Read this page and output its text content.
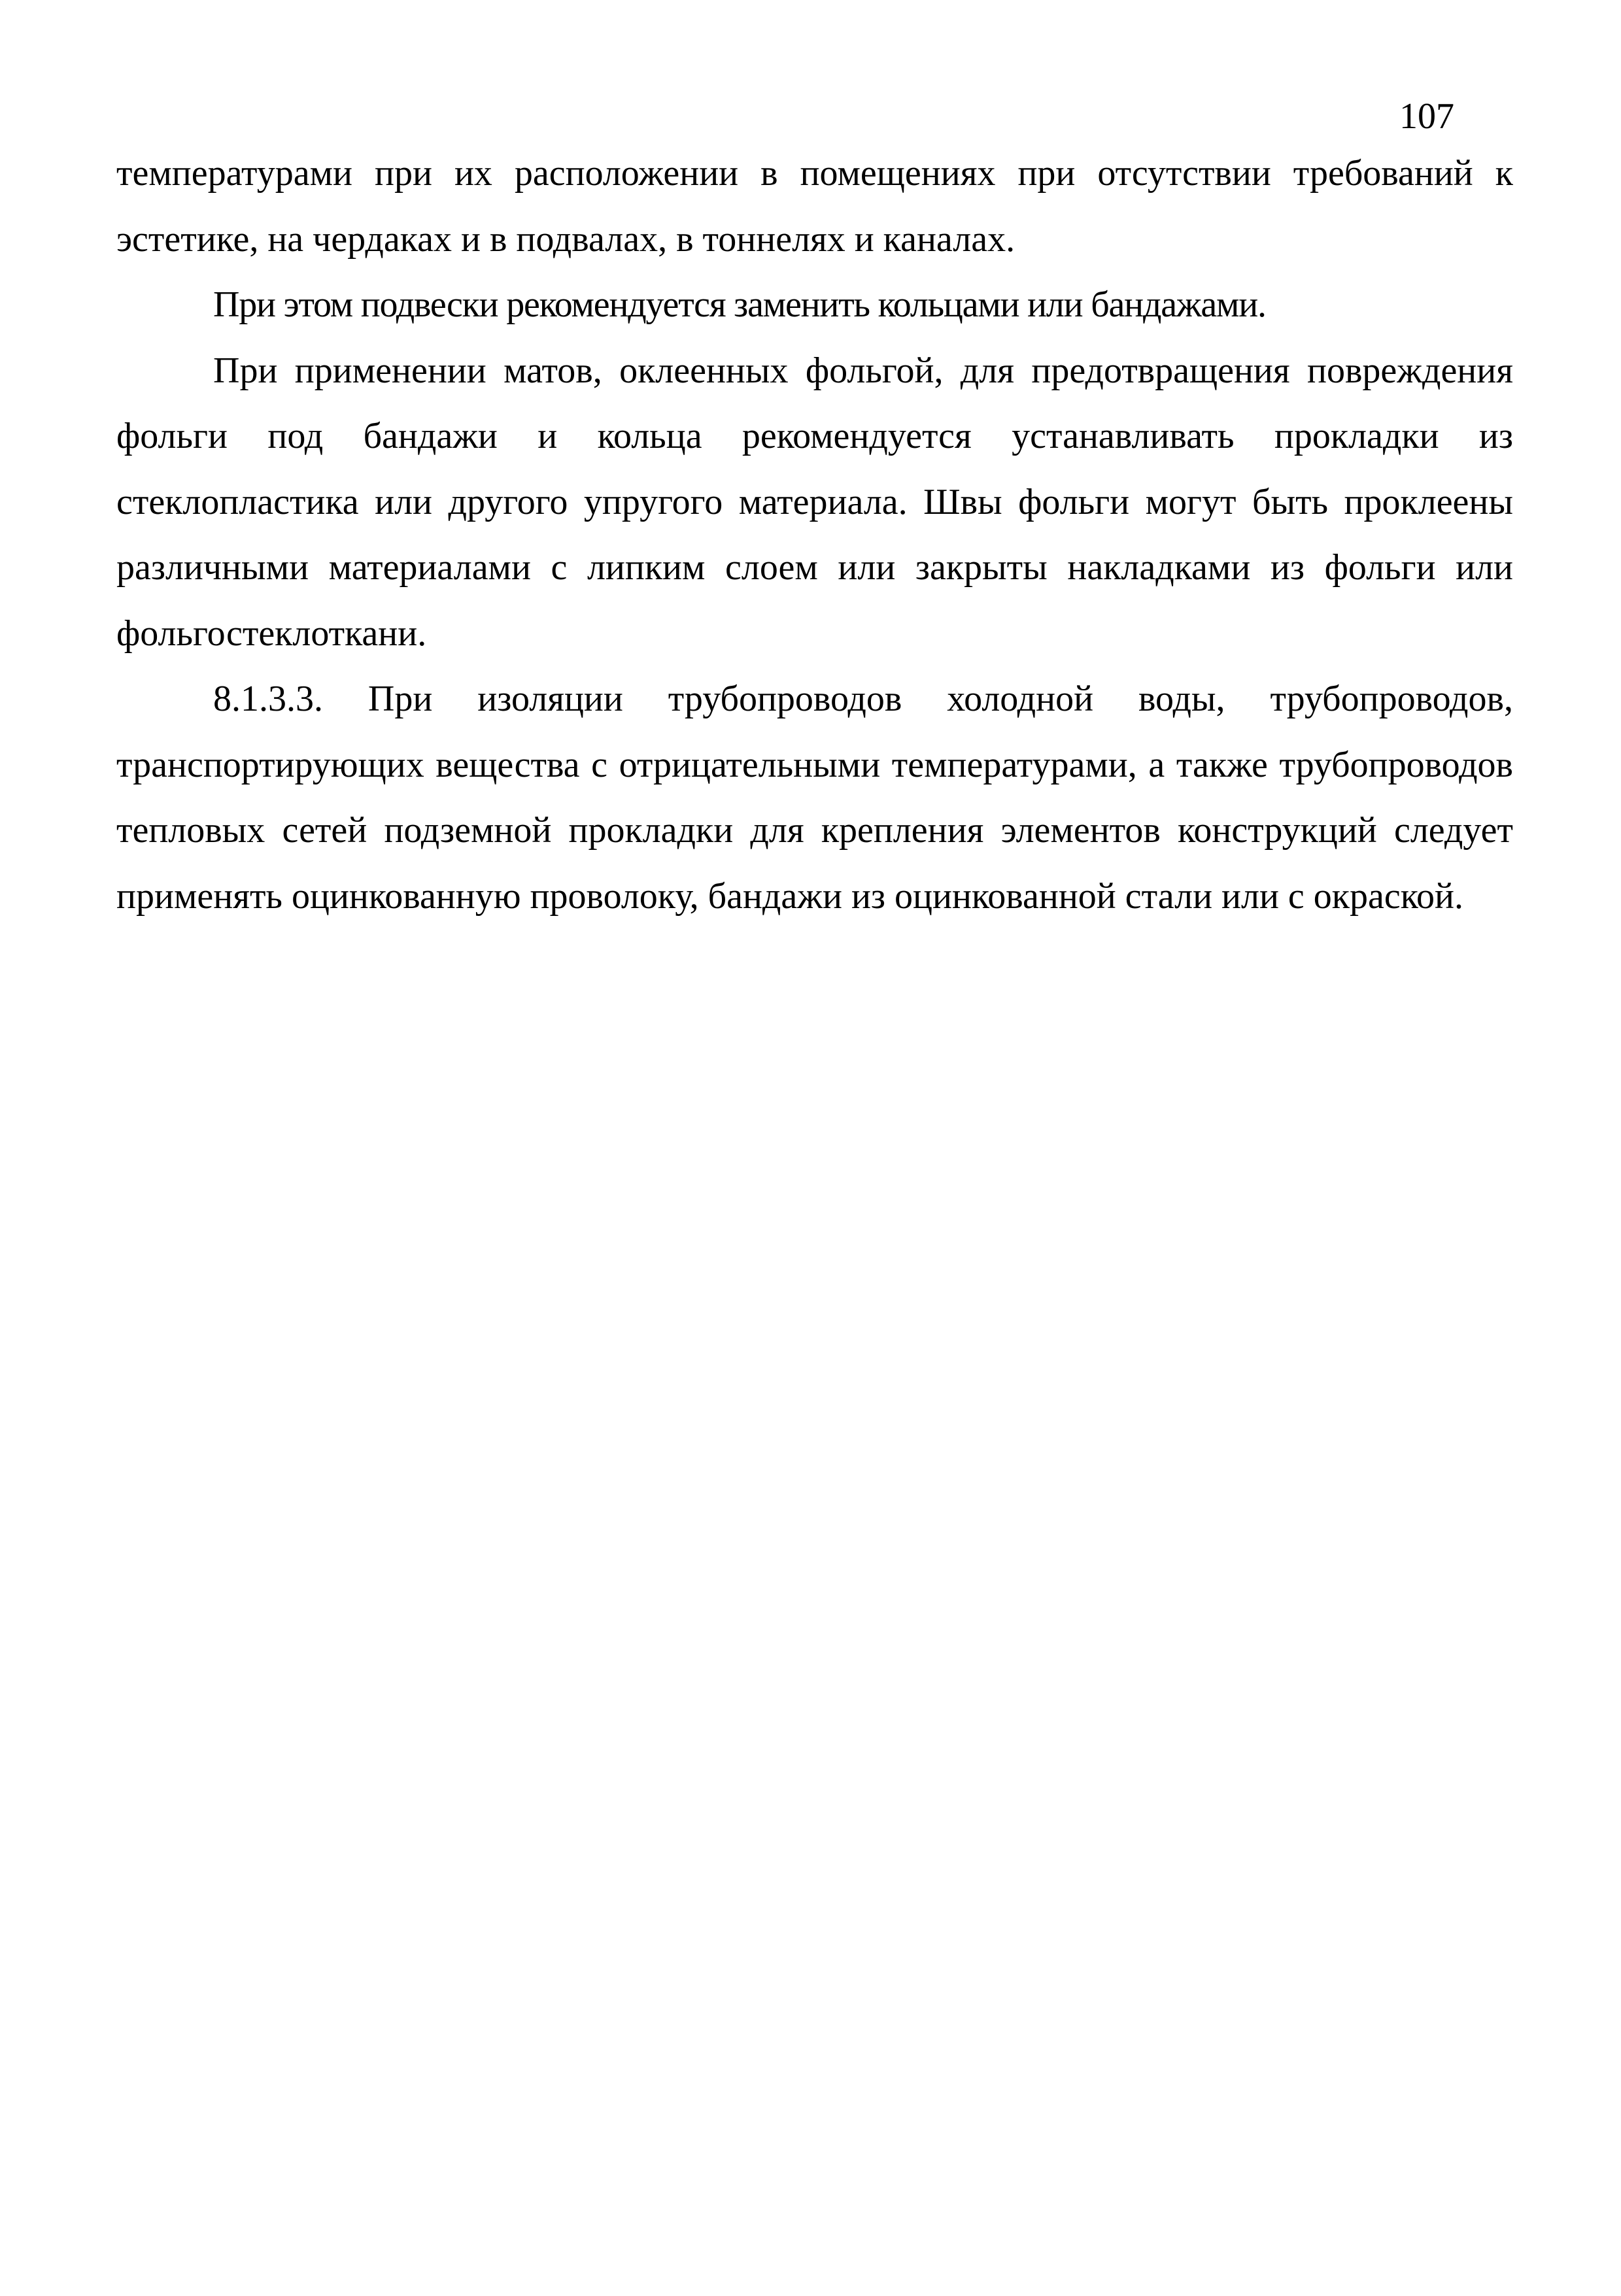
107

температурами при их расположении в помещениях при отсутствии требований к эстетике, на чердаках и в подвалах, в тоннелях и каналах.

При этом подвески рекомендуется заменить кольцами или бандажами.

При применении матов, оклеенных фольгой, для предотвращения повреждения фольги под бандажи и кольца рекомендуется устанавливать прокладки из стеклопластика или другого упругого материала. Швы фольги могут быть проклеены различными материалами с липким слоем или закрыты накладками из фольги или фольгостеклоткани.

8.1.3.3. При изоляции трубопроводов холодной воды, трубопроводов, транспортирующих вещества с отрицательными температурами, а также трубопроводов тепловых сетей подземной прокладки для крепления элементов конструкций следует применять оцинкованную проволоку, бандажи из оцинкованной стали или с окраской.
